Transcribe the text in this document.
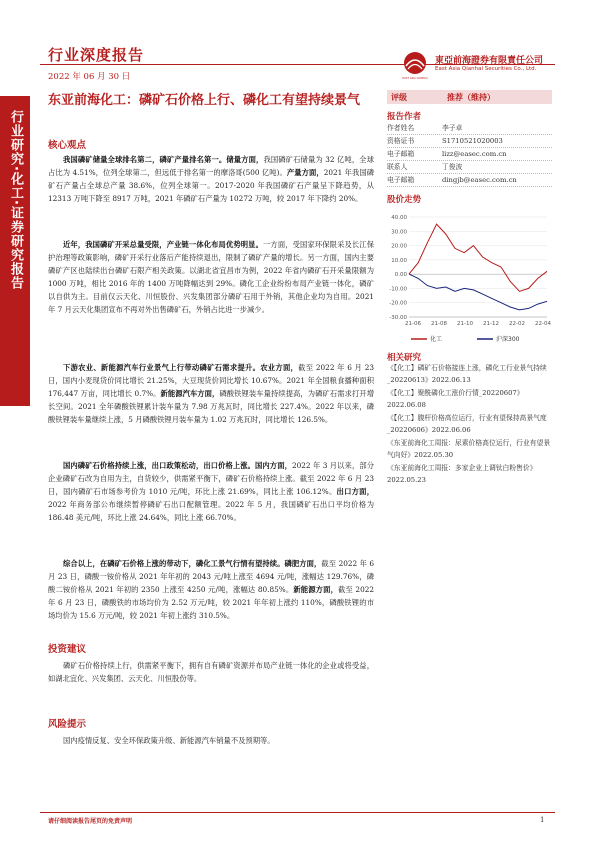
行业深度报告
2022 年 06 月 30 日	EAST ASIA QIANHAI
東亞前海證券有限責任公司
East Asia Qianhai Securities Co., Ltd.
行业研究·化工·证券研究报告
东亚前海化工：磷矿石价格上行、磷化工有望持续景气
核心观点
我国磷矿储量全球排名第二，磷矿产量排名第一。储量方面，我国磷矿石储量为 32 亿吨，全球占比为 4.51%，位列全球第二，但远低于排名第一的摩洛哥(500 亿吨)。产量方面，2021 年我国磷矿石产量占全球总产量 38.6%，位列全球第一。2017-2020 年我国磷矿石产量呈下降趋势，从 12313 万吨下降至 8917 万吨，2021 年磷矿石产量为 10272 万吨，较 2017 年下降约 20%。
近年，我国磷矿开采总量受限，产业链一体化布局优势明显。一方面，受国家环保限采及长江保护治理等政策影响，磷矿开采行业落后产能持续退出，限制了磷矿产量的增长。另一方面，国内主要磷矿产区也陆续出台磷矿石限产相关政策。以湖北省宜昌市为例，2022 年省内磷矿石开采量限额为 1000 万吨，相比 2016 年的 1400 万吨降幅达到 29%。磷化工企业纷纷布局产业链一体化，磷矿以自供为主。目前仅云天化、川恒股份、兴发集团部分磷矿石用于外销，其他企业均为自用。2021 年 7 月云天化集团宣布不再对外出售磷矿石，外销占比进一步减少。
下游农业、新能源汽车行业景气上行带动磷矿石需求提升。农业方面，截至 2022 年 6 月 23 日，国内小麦现货价同比增长 21.25%，大豆现货价同比增长 10.67%。2021 年全国粮食播种面积 176,447 万亩，同比增长 0.7%。新能源汽车方面，磷酸铁锂装车量持续提高，为磷矿石需求打开增长空间。2021 全年磷酸铁锂累计装车量为 7.98 万兆瓦时，同比增长 227.4%。2022 年以来，磷酸铁锂装车量继续上涨，5 月磷酸铁锂月装车量为 1.02 万兆瓦时，同比增长 126.5%。
国内磷矿石价格持续上涨，出口政策松动，出口价格上涨。国内方面，2022 年 3 月以来，部分企业磷矿石改为自用为主，自货较少，供需紧平衡下，磷矿石价格持续上涨。截至 2022 年 6 月 23 日，国内磷矿石市场参考价为 1010 元/吨，环比上涨 21.69%，同比上涨 106.12%。出口方面，2022 年商务部公布继续暂停磷矿石出口配额管理。2022 年 5 月，我国磷矿石出口平均价格为 186.48 美元/吨，环比上涨 24.64%，同比上涨 66.70%。
综合以上，在磷矿石价格上涨的带动下，磷化工景气行情有望持续。磷肥方面，截至 2022 年 6 月 23 日，磷酸一铵价格从 2021 年年初的 2043 元/吨上涨至 4694 元/吨，涨幅达 129.76%，磷酸二铵价格从 2021 年初的 2350 上涨至 4250 元/吨，涨幅达 80.85%。新能源方面，截至 2022 年 6 月 23 日，磷酸铁的市场均价为 2.52 万元/吨，较 2021 年年初上涨约 110%，磷酸铁锂的市场均价为 15.6 万元/吨，较 2021 年初上涨约 310.5%。
投资建议
磷矿石价格持续上行，供需紧平衡下，拥有自有磷矿资源并布局产业链一体化的企业或将受益，如湖北宜化、兴发集团、云天化、川恒股份等。
风险提示
国内疫情反复、安全环保政策升级、新能源汽车销量不及预期等。
评级	推荐（维持）
报告作者
作者姓名	李子卓
资格证书	S1710521020003
电子邮箱	lizz@easec.com.cn
联系人	丁俊波
电子邮箱	dingjb@easec.com.cn
股价走势
-30.00
-20.00
-10.00
0.00
10.00
20.00
30.00
40.00
21-06 21-08 21-10 21-12 22-02 22-04
化工	沪深300
相关研究
《【化工】磷矿石价格接连上涨，磷化工行业景气持续_20220613》2022.06.13
《【化工】聚酰磷化工涨价行情_20220607》2022.06.08
《【化工】腹杆价格高位运行，行业有望保持高景气度_20220606》2022.06.06
《东亚前海化工周报：尿素价格高位运行，行业有望景气向好》2022.05.30
《东亚前海化工周报：多家企业上调钛白粉售价》2022.05.23
请仔细阅读报告尾页的免责声明	1
